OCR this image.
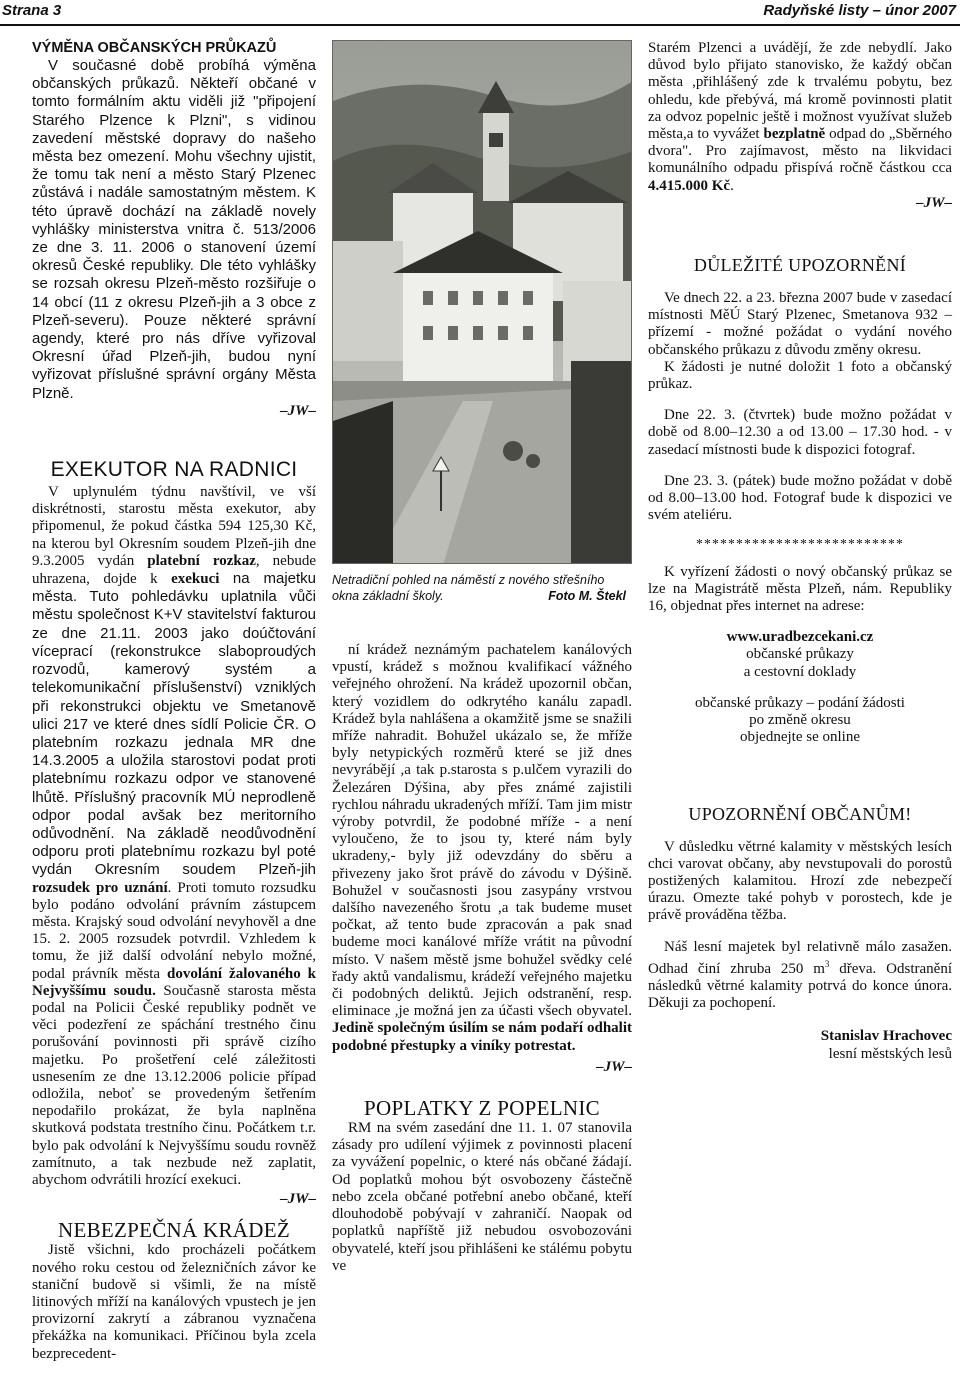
Strana 3	Radyňské listy – únor 2007
VÝMĚNA OBČANSKÝCH PRŮKAZŮ

V současné době probíhá výměna občanských průkazů. Někteří občané v tomto formálním aktu viděli již "připojení Starého Plzence k Plzni", s vidinou zavedení městské dopravy do našeho města bez omezení. Mohu všechny ujistit, že tomu tak není a město Starý Plzenec zůstává i nadále samostatným městem. K této úpravě dochází na základě novely vyhlášky ministerstva vnitra č. 513/2006 ze dne 3. 11. 2006 o stanovení území okresů České republiky. Dle této vyhlášky se rozsah okresu Plzeň-město rozšiřuje o 14 obcí (11 z okresu Plzeň-jih a 3 obce z Plzeň-severu). Pouze některé správní agendy, které pro nás dříve vyřizoval Okresní úřad Plzeň-jih, budou nyní vyřizovat příslušné správní orgány Města Plzně.

–JW–
EXEKUTOR NA RADNICI

V uplynulém týdnu navštívil, ve vší diskrétnosti, starostu města exekutor, aby připomenul, že pokud částka 594 125,30 Kč, na kterou byl Okresním soudem Plzeň-jih dne 9.3.2005 vydán platební rozkaz, nebude uhrazena, dojde k exekuci na majetku města. Tuto pohledávku uplatnila vůči městu společnost K+V stavitelství fakturou ze dne 21.11. 2003 jako doúčtování víceprací (rekonstrukce slaboproudých rozvodů, kamerový systém a telekomunikační příslušenství) vzniklých při rekonstrukci objektu ve Smetanově ulici 217 ve které dnes sídlí Policie ČR. O platebním rozkazu jednala MR dne 14.3.2005 a uložila starostovi podat proti platebnímu rozkazu odpor ve stanovené lhůtě. Příslušný pracovník MÚ neprodleně odpor podal avšak bez meritorního odůvodnění. Na základě neodůvodnění odporu proti platebnímu rozkazu byl poté vydán Okresním soudem Plzeň-jih rozsudek pro uznání. Proti tomuto rozsudku bylo podáno odvolání právním zástupcem města. Krajský soud odvolání nevyhověl a dne 15. 2. 2005 rozsudek potvrdil. Vzhledem k tomu, že již další odvolání nebylo možné, podal právník města dovolání žalovaného k Nejvyššímu soudu. Současně starosta města podal na Policii České republiky podnět ve věci podezření ze spáchání trestného činu porušování povinnosti při správě cizího majetku. Po prošetření celé záležitosti usnesením ze dne 13.12.2006 policie případ odložila, neboť se provedeným šetřením nepodařilo prokázat, že byla naplněna skutková podstata trestního činu. Počátkem t.r. bylo pak odvolání k Nejvyššímu soudu rovněž zamítnuto, a tak nezbude než zaplatit, abychom odvrátili hrozící exekuci.

–JW–
NEBEZPEČNÁ KRÁDEŽ

Jistě všichni, kdo procházeli počátkem nového roku cestou od železničních závor ke staniční budově si všimli, že na místě litinových mříží na kanálových vpustech je jen provizorní zakrytí a zábranou vyznačena překážka na komunikaci. Příčinou byla zcela bezprecedent-

Netradiční pohled na náměstí z nového střešního okna základní školy.	Foto M. Štekl

ní krádež neznámým pachatelem kanálových vpustí, krádež s možnou kvalifikací vážného veřejného ohrožení. Na krádež upozornil občan, který vozidlem do odkrytého kanálu zapadl. Krádež byla nahlášena a okamžitě jsme se snažili mříže nahradit. Bohužel ukázalo se, že mříže byly netypických rozměrů které se již dnes nevyrábějí ,a tak p.starosta s p.ulčem vyrazili do Železáren Dýšina, aby přes známé zajistili rychlou náhradu ukradených mříží. Tam jim mistr výroby potvrdil, že podobné mříže - a není vyloučeno, že to jsou ty, které nám byly ukradeny,- byly již odevzdány do sběru a přivezeny jako šrot právě do závodu v Dýšině. Bohužel v současnosti jsou zasypány vrstvou dalšího navezeného šrotu ,a tak budeme muset počkat, až tento bude zpracován a pak snad budeme moci kanálové mříže vrátit na původní místo. V našem městě jsme bohužel svědky celé řady aktů vandalismu, krádeží veřejného majetku či podobných deliktů. Jejich odstranění, resp. eliminace ,je možná jen za účasti všech obyvatel. Jedině společným úsilím se nám podaří odhalit podobné přestupky a viníky potrestat.

–JW–
POPLATKY Z POPELNIC

RM na svém zasedání dne 11. 1. 07 stanovila zásady pro udílení výjimek z povinnosti placení za vyvážení popelnic, o které nás občané žádají. Od poplatků mohou být osvobozeny částečně nebo zcela občané potřební anebo občané, kteří dlouhodobě pobývají v zahraničí. Naopak od poplatků napříště již nebudou osvobozováni obyvatelé, kteří jsou přihlášeni ke stálému pobytu ve

Starém Plzenci a uvádějí, že zde nebydlí. Jako důvod bylo přijato stanovisko, že každý občan města ,přihlášený zde k trvalému pobytu, bez ohledu, kde přebývá, má kromě povinnosti platit za odvoz popelnic ještě i možnost využívat služeb města,a to vyvážet bezplatně odpad do „Sběrného dvora". Pro zajímavost, město na likvidaci komunálního odpadu přispívá ročně částkou cca 4.415.000 Kč.

–JW–
DŮLEŽITÉ UPOZORNĚNÍ

Ve dnech 22. a 23. března 2007 bude v zasedací místnosti MěÚ Starý Plzenec, Smetanova 932 – přízemí - možné požádat o vydání nového občanského průkazu z důvodu změny okresu.

K žádosti je nutné doložit 1 foto a občanský průkaz.

Dne 22. 3. (čtvrtek) bude možno požádat v době od 8.00–12.30 a od 13.00 – 17.30 hod. - v zasedací místnosti bude k dispozici fotograf.

Dne 23. 3. (pátek) bude možno požádat v době od 8.00–13.00 hod. Fotograf bude k dispozici ve svém ateliéru.

**************************

K vyřízení žádosti o nový občanský průkaz se lze na Magistrátě města Plzeň, nám. Republiky 16, objednat přes internet na adrese:

www.uradbezcekani.cz
občanské průkazy
a cestovní doklady
občanské průkazy – podání žádosti
po změně okresu
objednejte se online
UPOZORNĚNÍ OBČANŮM!

V důsledku větrné kalamity v městských lesích chci varovat občany, aby nevstupovali do porostů postižených kalamitou. Hrozí zde nebezpečí úrazu. Omezte také pohyb v porostech, kde je právě prováděna těžba.

Náš lesní majetek byl relativně málo zasažen. Odhad činí zhruba 250 $m^3$ dřeva. Odstranění následků větrné kalamity potrvá do konce února. Děkuji za pochopení.

Stanislav Hrachovec
lesní městských lesů
